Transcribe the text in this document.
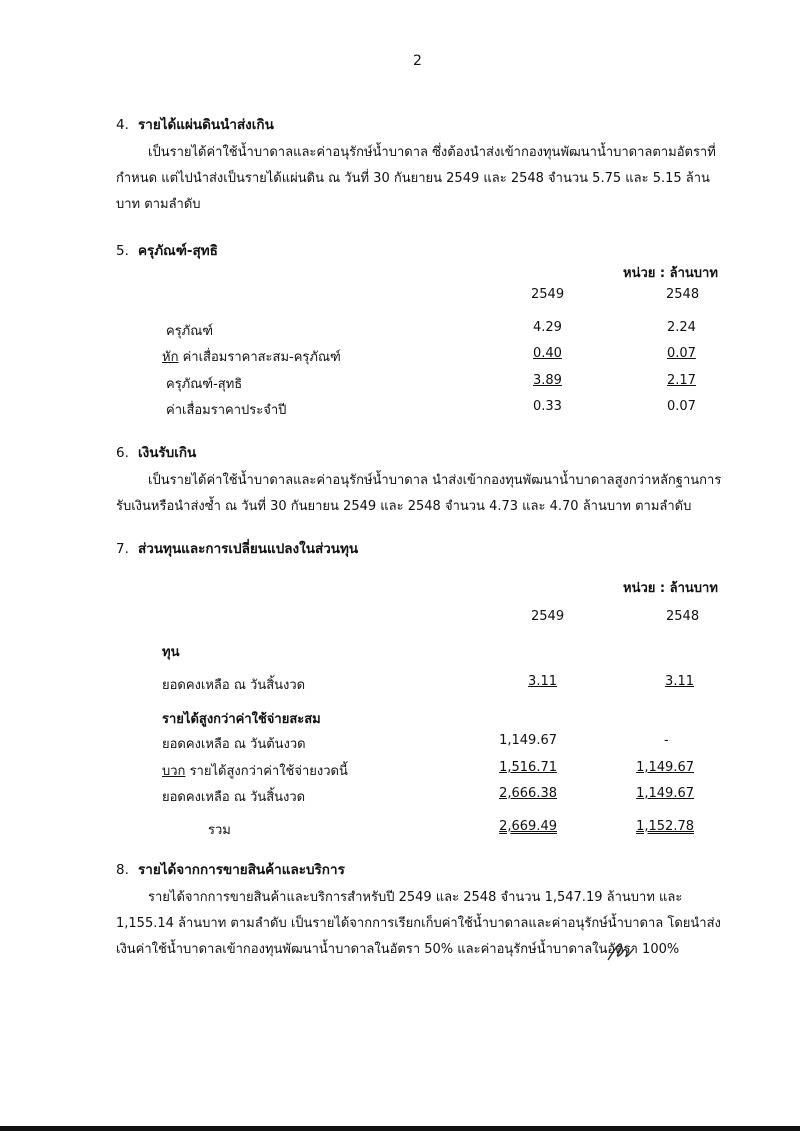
2
4. รายได้แผ่นดินนำส่งเกิน
เป็นรายได้ค่าใช้น้ำบาดาลและค่าอนุรักษ์น้ำบาดาล ซึ่งต้องนำส่งเข้ากองทุนพัฒนาน้ำบาดาลตามอัตราที่กำหนด แต่ไปนำส่งเป็นรายได้แผ่นดิน ณ วันที่ 30 กันยายน 2549 และ 2548 จำนวน 5.75 และ 5.15 ล้านบาท ตามลำดับ
5. ครุภัณฑ์-สุทธิ
หน่วย : ล้านบาท
2549	2548
ครุภัณฑ์	4.29	2.24
หัก ค่าเสื่อมราคาสะสม-ครุภัณฑ์	0.40	0.07
ครุภัณฑ์-สุทธิ	3.89	2.17
ค่าเสื่อมราคาประจำปี	0.33	0.07
6. เงินรับเกิน
เป็นรายได้ค่าใช้น้ำบาดาลและค่าอนุรักษ์น้ำบาดาล นำส่งเข้ากองทุนพัฒนาน้ำบาดาลสูงกว่าหลักฐานการรับเงินหรือนำส่งซ้ำ ณ วันที่ 30 กันยายน 2549 และ 2548 จำนวน 4.73 และ 4.70 ล้านบาท ตามลำดับ
7. ส่วนทุนและการเปลี่ยนแปลงในส่วนทุน
หน่วย : ล้านบาท
2549	2548
ทุน
ยอดคงเหลือ ณ วันสิ้นงวด	3.11	3.11
รายได้สูงกว่าค่าใช้จ่ายสะสม
ยอดคงเหลือ ณ วันต้นงวด	1,149.67	-
บวก รายได้สูงกว่าค่าใช้จ่ายงวดนี้	1,516.71	1,149.67
ยอดคงเหลือ ณ วันสิ้นงวด	2,666.38	1,149.67
รวม	2,669.49	1,152.78
8. รายได้จากการขายสินค้าและบริการ
รายได้จากการขายสินค้าและบริการสำหรับปี 2549 และ 2548 จำนวน 1,547.19 ล้านบาท และ 1,155.14 ล้านบาท ตามลำดับ เป็นรายได้จากการเรียกเก็บค่าใช้น้ำบาดาลและค่าอนุรักษ์น้ำบาดาล โดยนำส่งเงินค่าใช้น้ำบาดาลเข้ากองทุนพัฒนาน้ำบาดาลในอัตรา 50% และค่าอนุรักษ์น้ำบาดาลในอัตรา 100%
